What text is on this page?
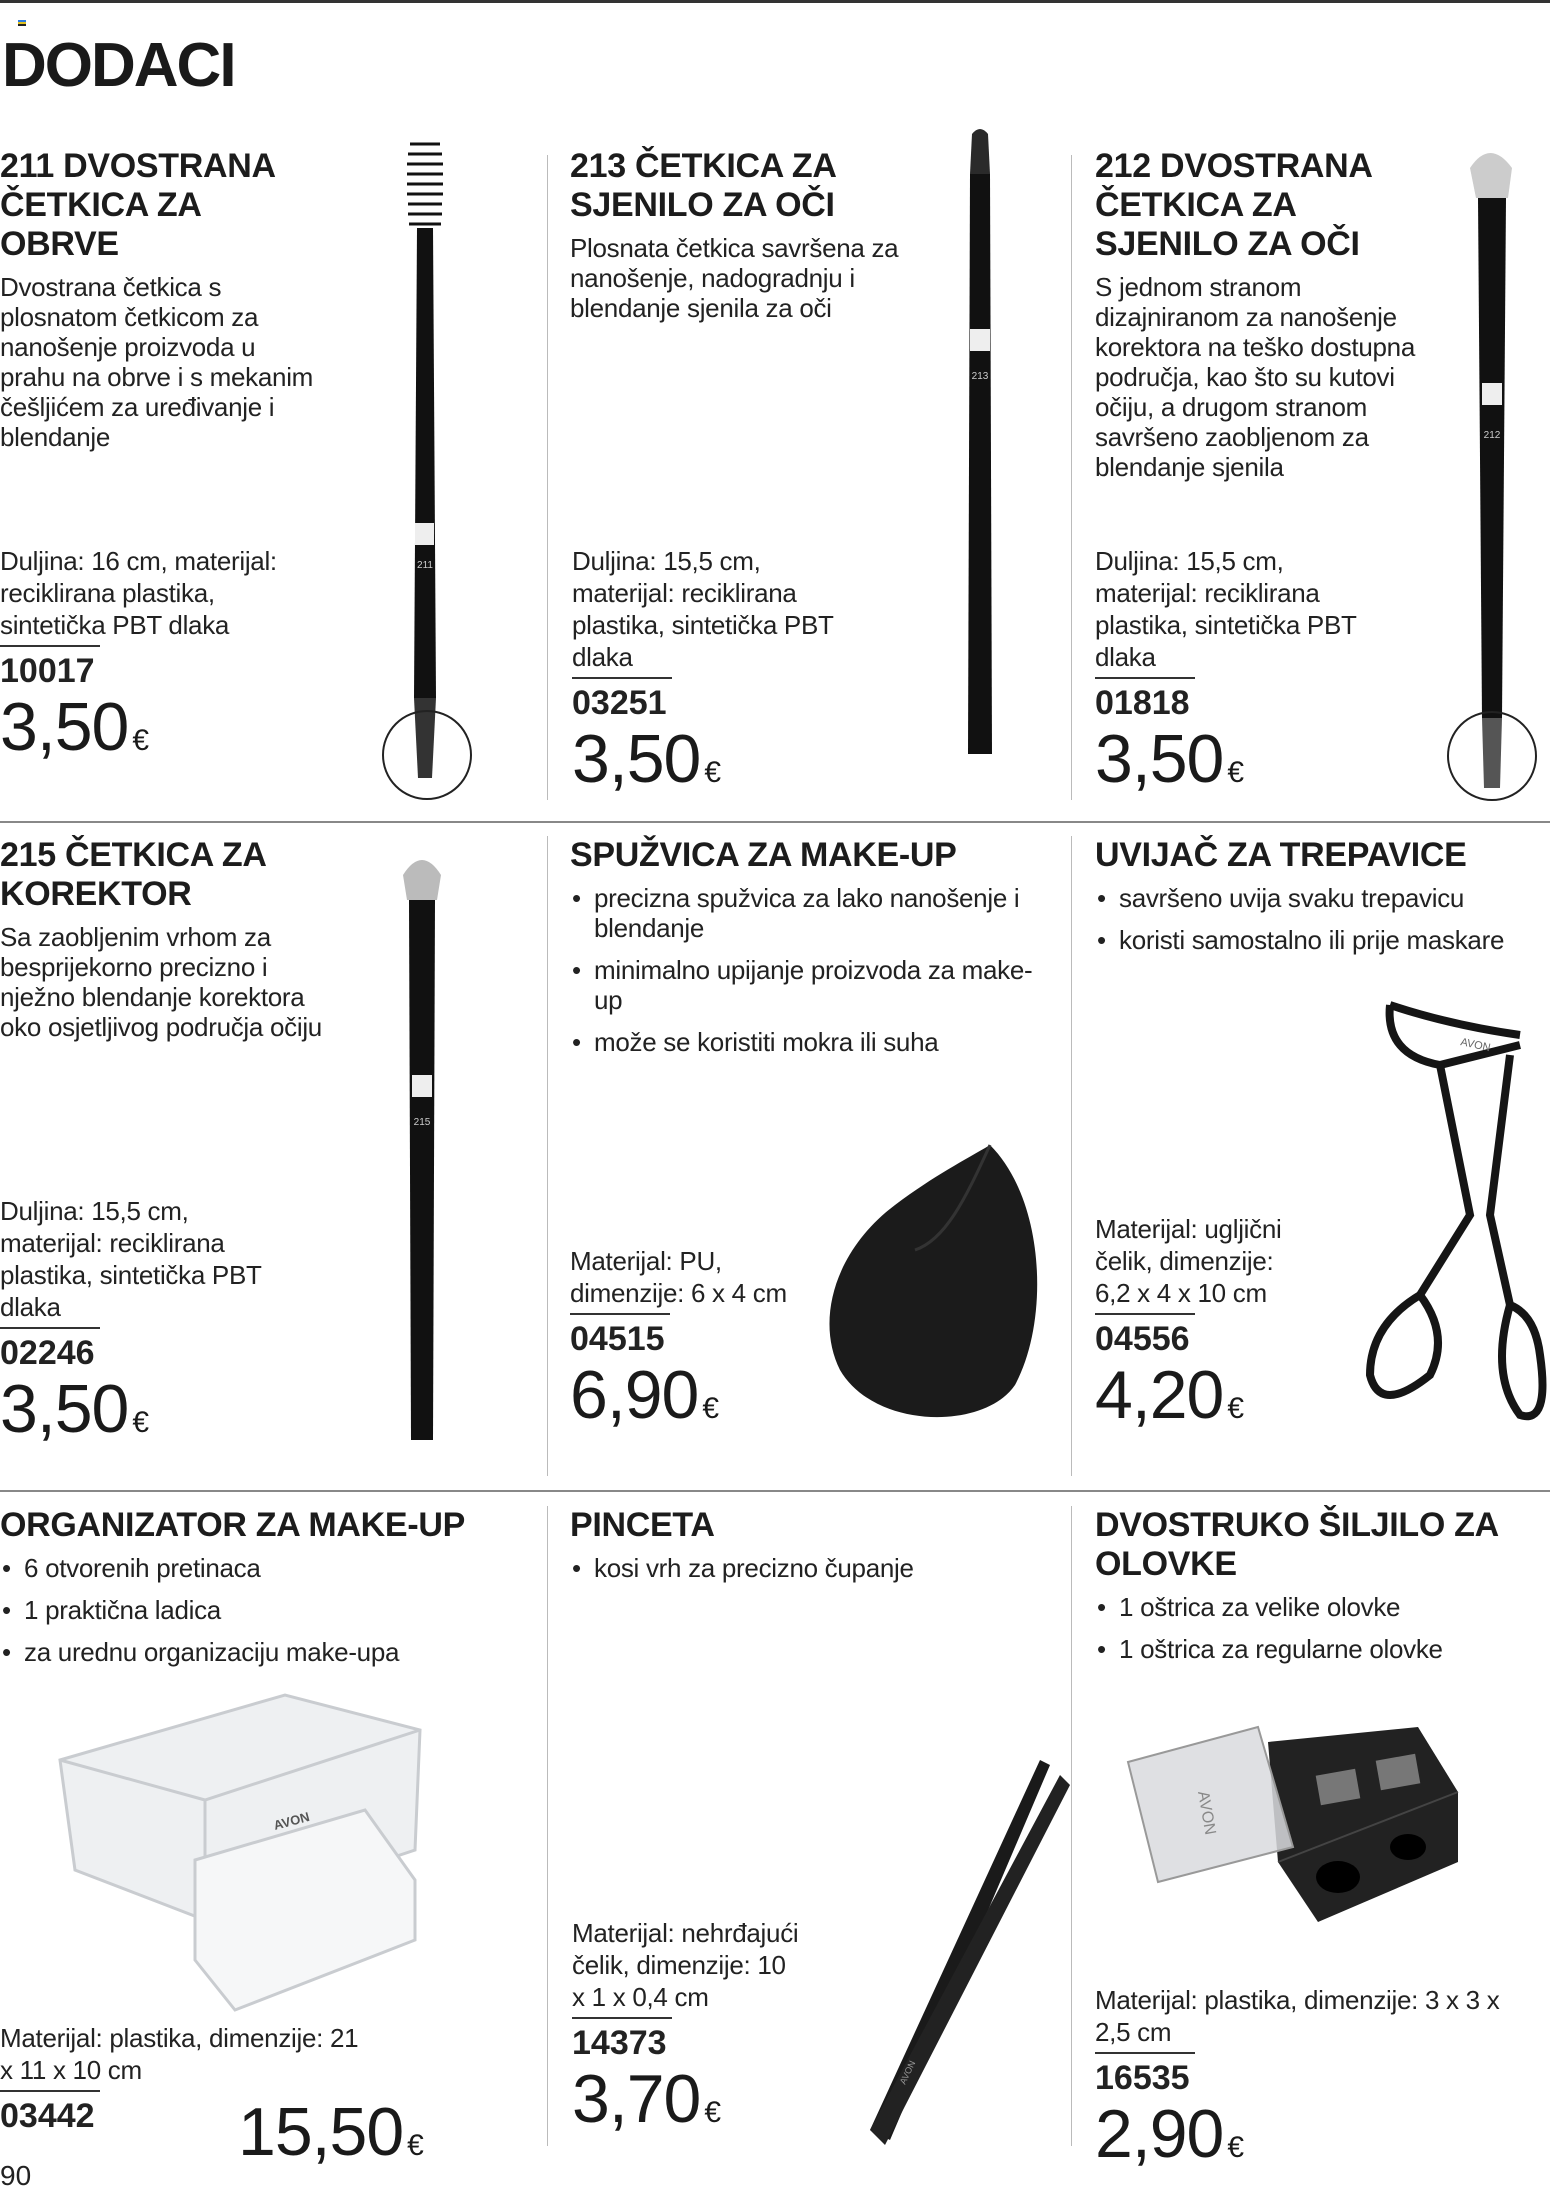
DODACI
211 DVOSTRANA ČETKICA ZA OBRVE
Dvostrana četkica s plosnatom četkicom za nanošenje proizvoda u prahu na obrve i s mekanim češljićem za uređivanje i blendanje
Duljina: 16 cm, materijal: reciklirana plastika, sintetička PBT dlaka
10017
3,50 €
213 ČETKICA ZA SJENILO ZA OČI
Plosnata četkica savršena za nanošenje, nadogradnju i blendanje sjenila za oči
Duljina: 15,5 cm, materijal: reciklirana plastika, sintetička PBT dlaka
03251
3,50 €
212 DVOSTRANA ČETKICA ZA SJENILO ZA OČI
S jednom stranom dizajniranom za nanošenje korektora na teško dostupna područja, kao što su kutovi očiju, a drugom stranom savršeno zaobljenom za blendanje sjenila
Duljina: 15,5 cm, materijal: reciklirana plastika, sintetička PBT dlaka
01818
3,50 €
211
213
212
215 ČETKICA ZA KOREKTOR
Sa zaobljenim vrhom za besprijekorno precizno i nježno blendanje korektora oko osjetljivog područja očiju
Duljina: 15,5 cm, materijal: reciklirana plastika, sintetička PBT dlaka
02246
3,50 €
215
SPUŽVICA ZA MAKE-UP
• precizna spužvica za lako nanošenje i blendanje
• minimalno upijanje proizvoda za make-up
• može se koristiti mokra ili suha
Materijal: PU, dimenzije: 6 x 4 cm
04515
6,90 €
UVIJAČ ZA TREPAVICE
• savršeno uvija svaku trepavicu
• koristi samostalno ili prije maskare
Materijal: ugljični čelik, dimenzije: 6,2 x 4 x 10 cm
04556
4,20 €
AVON
ORGANIZATOR ZA MAKE-UP
• 6 otvorenih pretinaca
• 1 praktična ladica
• za urednu organizaciju make-upa
AVON
Materijal: plastika, dimenzije: 21 x 11 x 10 cm
03442	15,50 €
PINCETA
• kosi vrh za precizno čupanje
Materijal: nehrđajući čelik, dimenzije: 10 x 1 x 0,4 cm
14373
3,70 €
AVON
DVOSTRUKO ŠILJILO ZA OLOVKE
• 1 oštrica za velike olovke
• 1 oštrica za regularne olovke
AVON
Materijal: plastika, dimenzije: 3 x 3 x 2,5 cm
16535
2,90 €
90
